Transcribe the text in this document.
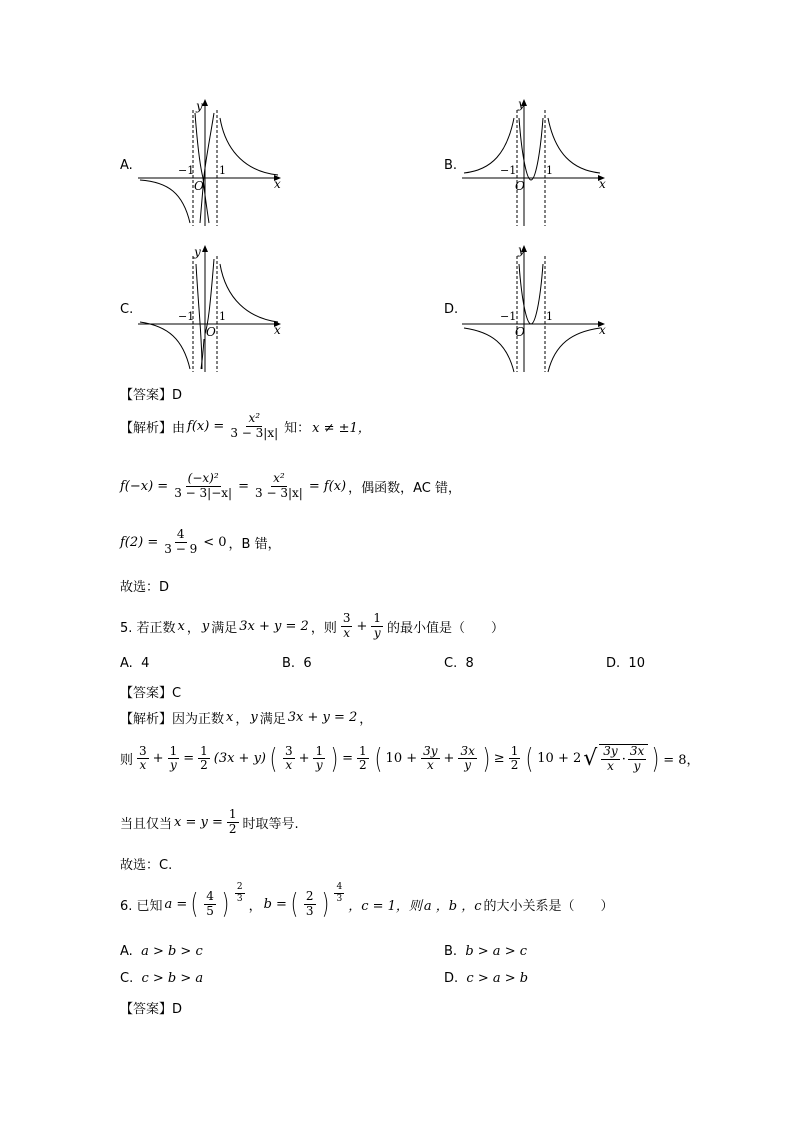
A.	−1 1
O	x
y
B.	−1	1
O	x
y
C.	−1 1
O	x
y
D.	−1	1
O	x
y
【答案】D
【解析】由 $f(x) = \frac{\text{x²}}{3 - 3|x|}$ 知： x ≠ ±1，
$f(-x) = \frac{\text{(−x)²}}{3 - 3|-x|} = \frac{\text{x²}}{3 - 3|x|} = f(x)$ ，偶函数，AC 错，
$f(2) = \frac{4}{3 - 9} < 0$ ，B 错，
故选：D
5. 若正数 x ， y 满足 3x + y = 2 ，则 $\frac{3}{x} + \frac{1}{y}$ 的最小值是（　　）
A. 4	B. 6	C. 8	D. 10
【答案】C
【解析】因为正数 x ， y 满足 3x + y = 2 ，
则 $\frac{3}{x} + \frac{1}{y} = \frac{1}{2} (3x + y)$ ( $\frac{3}{x} + \frac{1}{y}$ ) = $\frac{1}{2}$ ( $10 + \frac{3y}{x} + \frac{3x}{y}$ ) ≥ $\frac{1}{2}$ ( 10 + 2 √ $\frac{3y}{x} \cdot \frac{3x}{y}$ ) = 8，
当且仅当 $x = y = \frac{1}{2}$ 时取等号.
故选：C.
6. 已知 a = ( $\frac{4}{5}$ ) $\frac{2}{3}$
， b = ( $\frac{2}{3}$ ) $\frac{4}{3}$
，c = 1，则 a ，b ，c 的大小关系是（　　）
A. a > b > c	B. b > a > c
C. c > b > a	D. c > a > b
【答案】D
